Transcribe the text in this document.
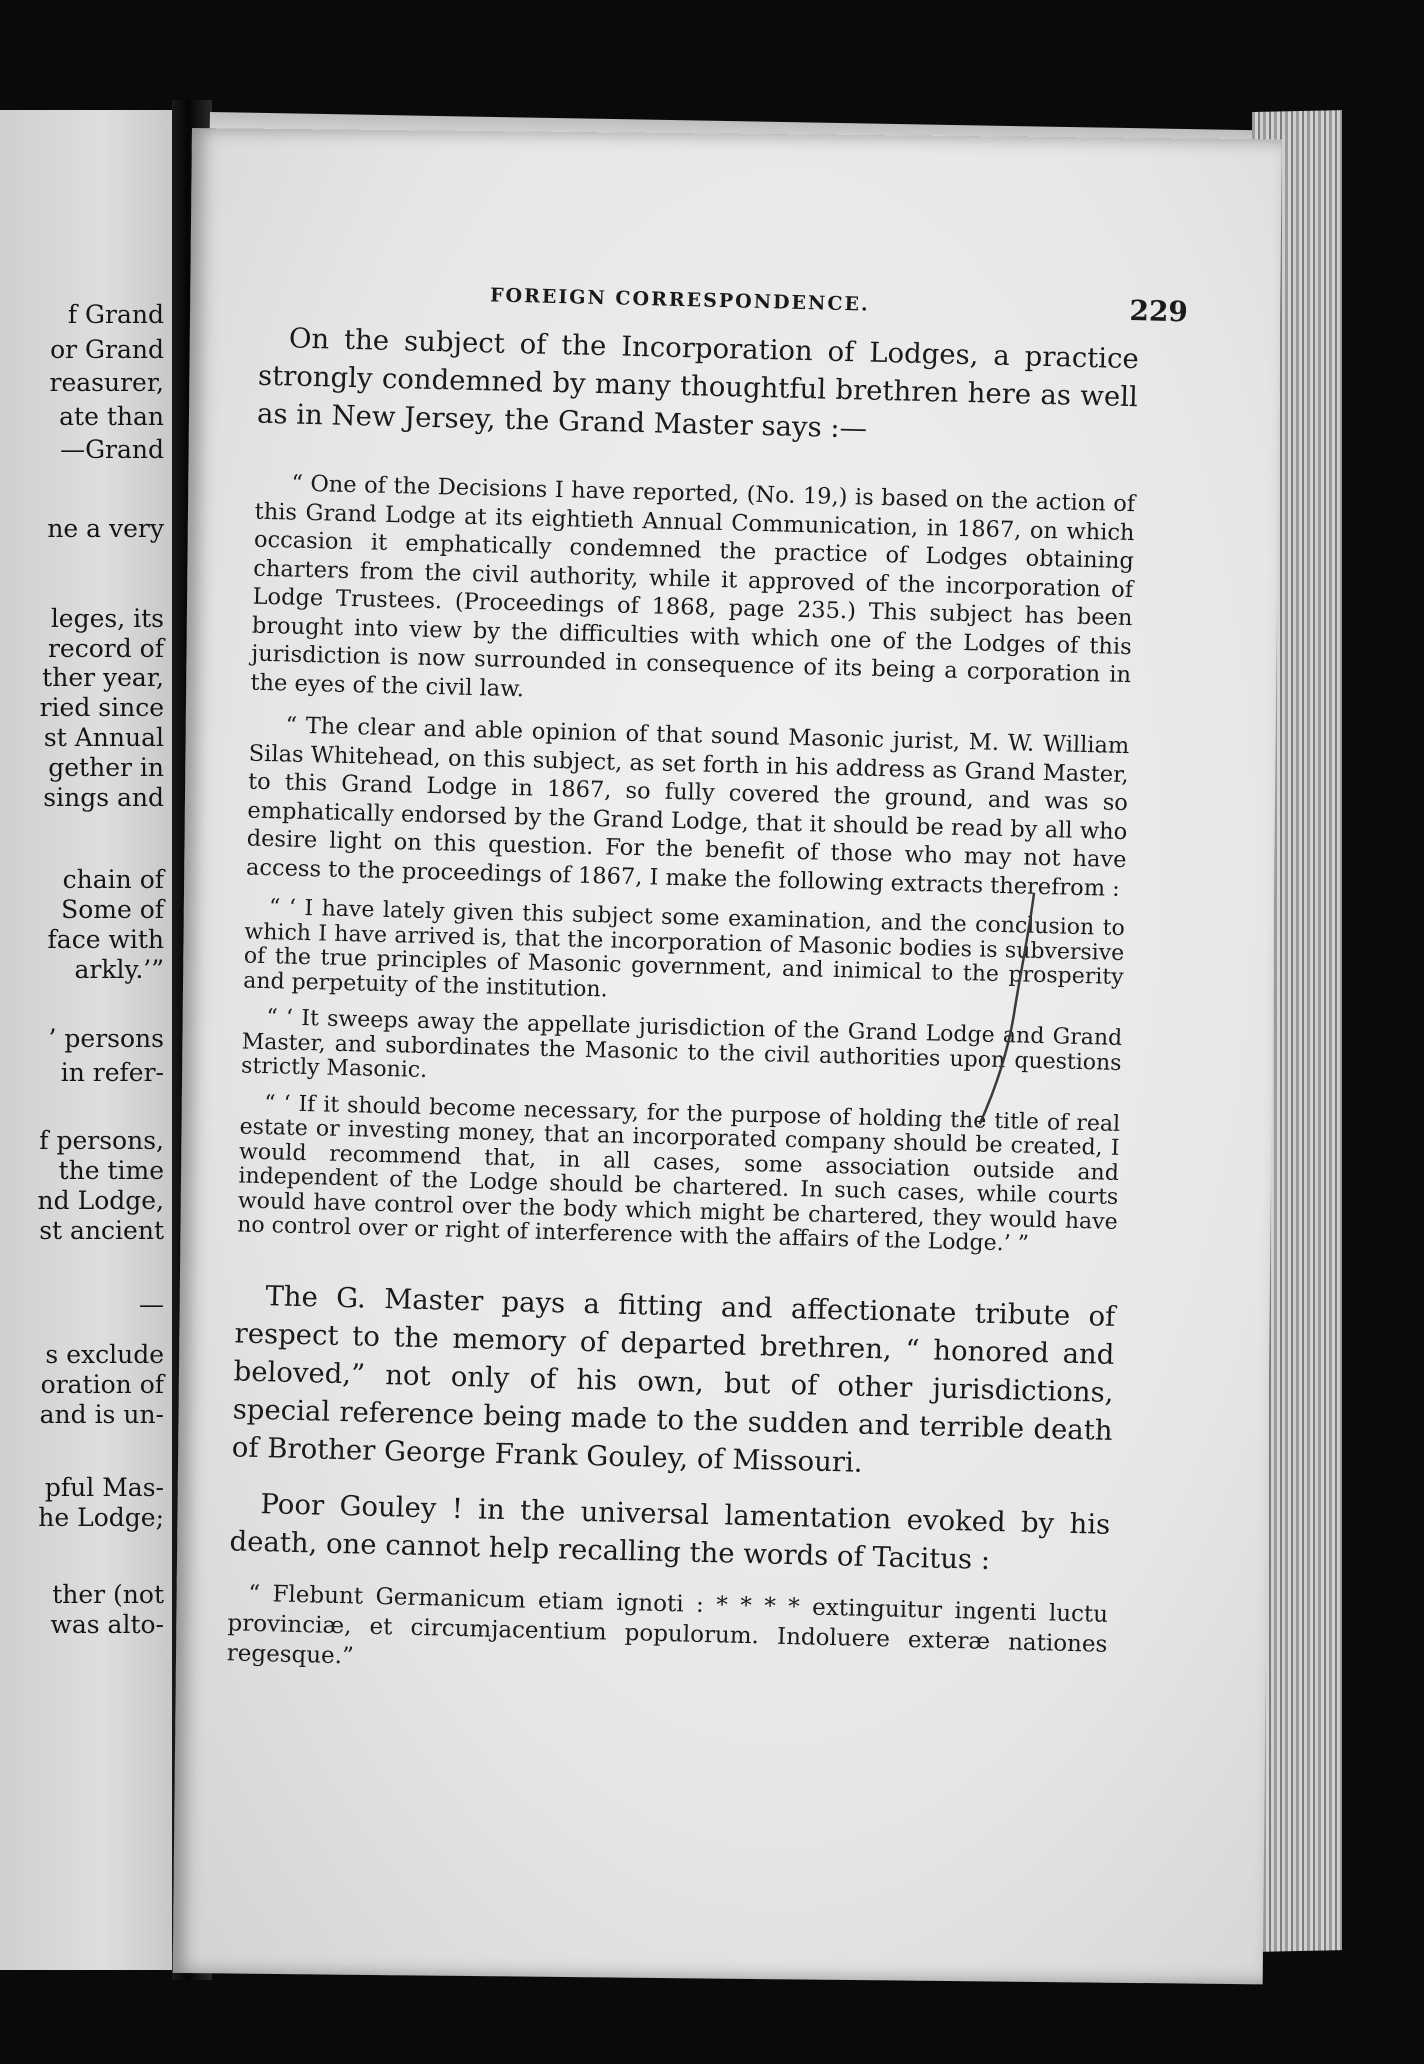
f Grand
or Grand
reasurer,
ate than
—Grand
ne a very
leges, its
record of
ther year,
ried since
st Annual
gether in
sings and
chain of
Some of
face with
arkly.’”
’ persons
in refer-
f persons,
the time
nd Lodge,
st ancient
—
s exclude
oration of
and is un-
pful Mas-
he Lodge;
ther (not
was alto-
FOREIGN CORRESPONDENCE.	229

On the subject of the Incorporation of Lodges, a practice strongly condemned by many thoughtful brethren here as well as in New Jersey, the Grand Master says :—

“ One of the Decisions I have reported, (No. 19,) is based on the action of this Grand Lodge at its eightieth Annual Communication, in 1867, on which occasion it emphatically condemned the practice of Lodges obtaining charters from the civil authority, while it approved of the incorporation of Lodge Trustees. (Proceedings of 1868, page 235.) This subject has been brought into view by the difficulties with which one of the Lodges of this jurisdiction is now surrounded in consequence of its being a corporation in the eyes of the civil law.

“ The clear and able opinion of that sound Masonic jurist, M. W. William Silas Whitehead, on this subject, as set forth in his address as Grand Master, to this Grand Lodge in 1867, so fully covered the ground, and was so emphatically endorsed by the Grand Lodge, that it should be read by all who desire light on this question. For the benefit of those who may not have access to the proceedings of 1867, I make the following extracts therefrom :

“ ‘ I have lately given this subject some examination, and the conclusion to which I have arrived is, that the incorporation of Masonic bodies is subversive of the true principles of Masonic government, and inimical to the prosperity and perpetuity of the institution.

“ ‘ It sweeps away the appellate jurisdiction of the Grand Lodge and Grand Master, and subordinates the Masonic to the civil authorities upon questions strictly Masonic.

“ ‘ If it should become necessary, for the purpose of holding the title of real estate or investing money, that an incorporated company should be created, I would recommend that, in all cases, some association outside and independent of the Lodge should be chartered. In such cases, while courts would have control over the body which might be chartered, they would have no control over or right of interference with the affairs of the Lodge.’ ”

The G. Master pays a fitting and affectionate tribute of respect to the memory of departed brethren, “ honored and beloved,” not only of his own, but of other jurisdictions, special reference being made to the sudden and terrible death of Brother George Frank Gouley, of Missouri.

Poor Gouley ! in the universal lamentation evoked by his death, one cannot help recalling the words of Tacitus :

“ Flebunt Germanicum etiam ignoti : * * * * extinguitur ingenti luctu provinciæ, et circumjacentium populorum. Indoluere exteræ nationes regesque.”
